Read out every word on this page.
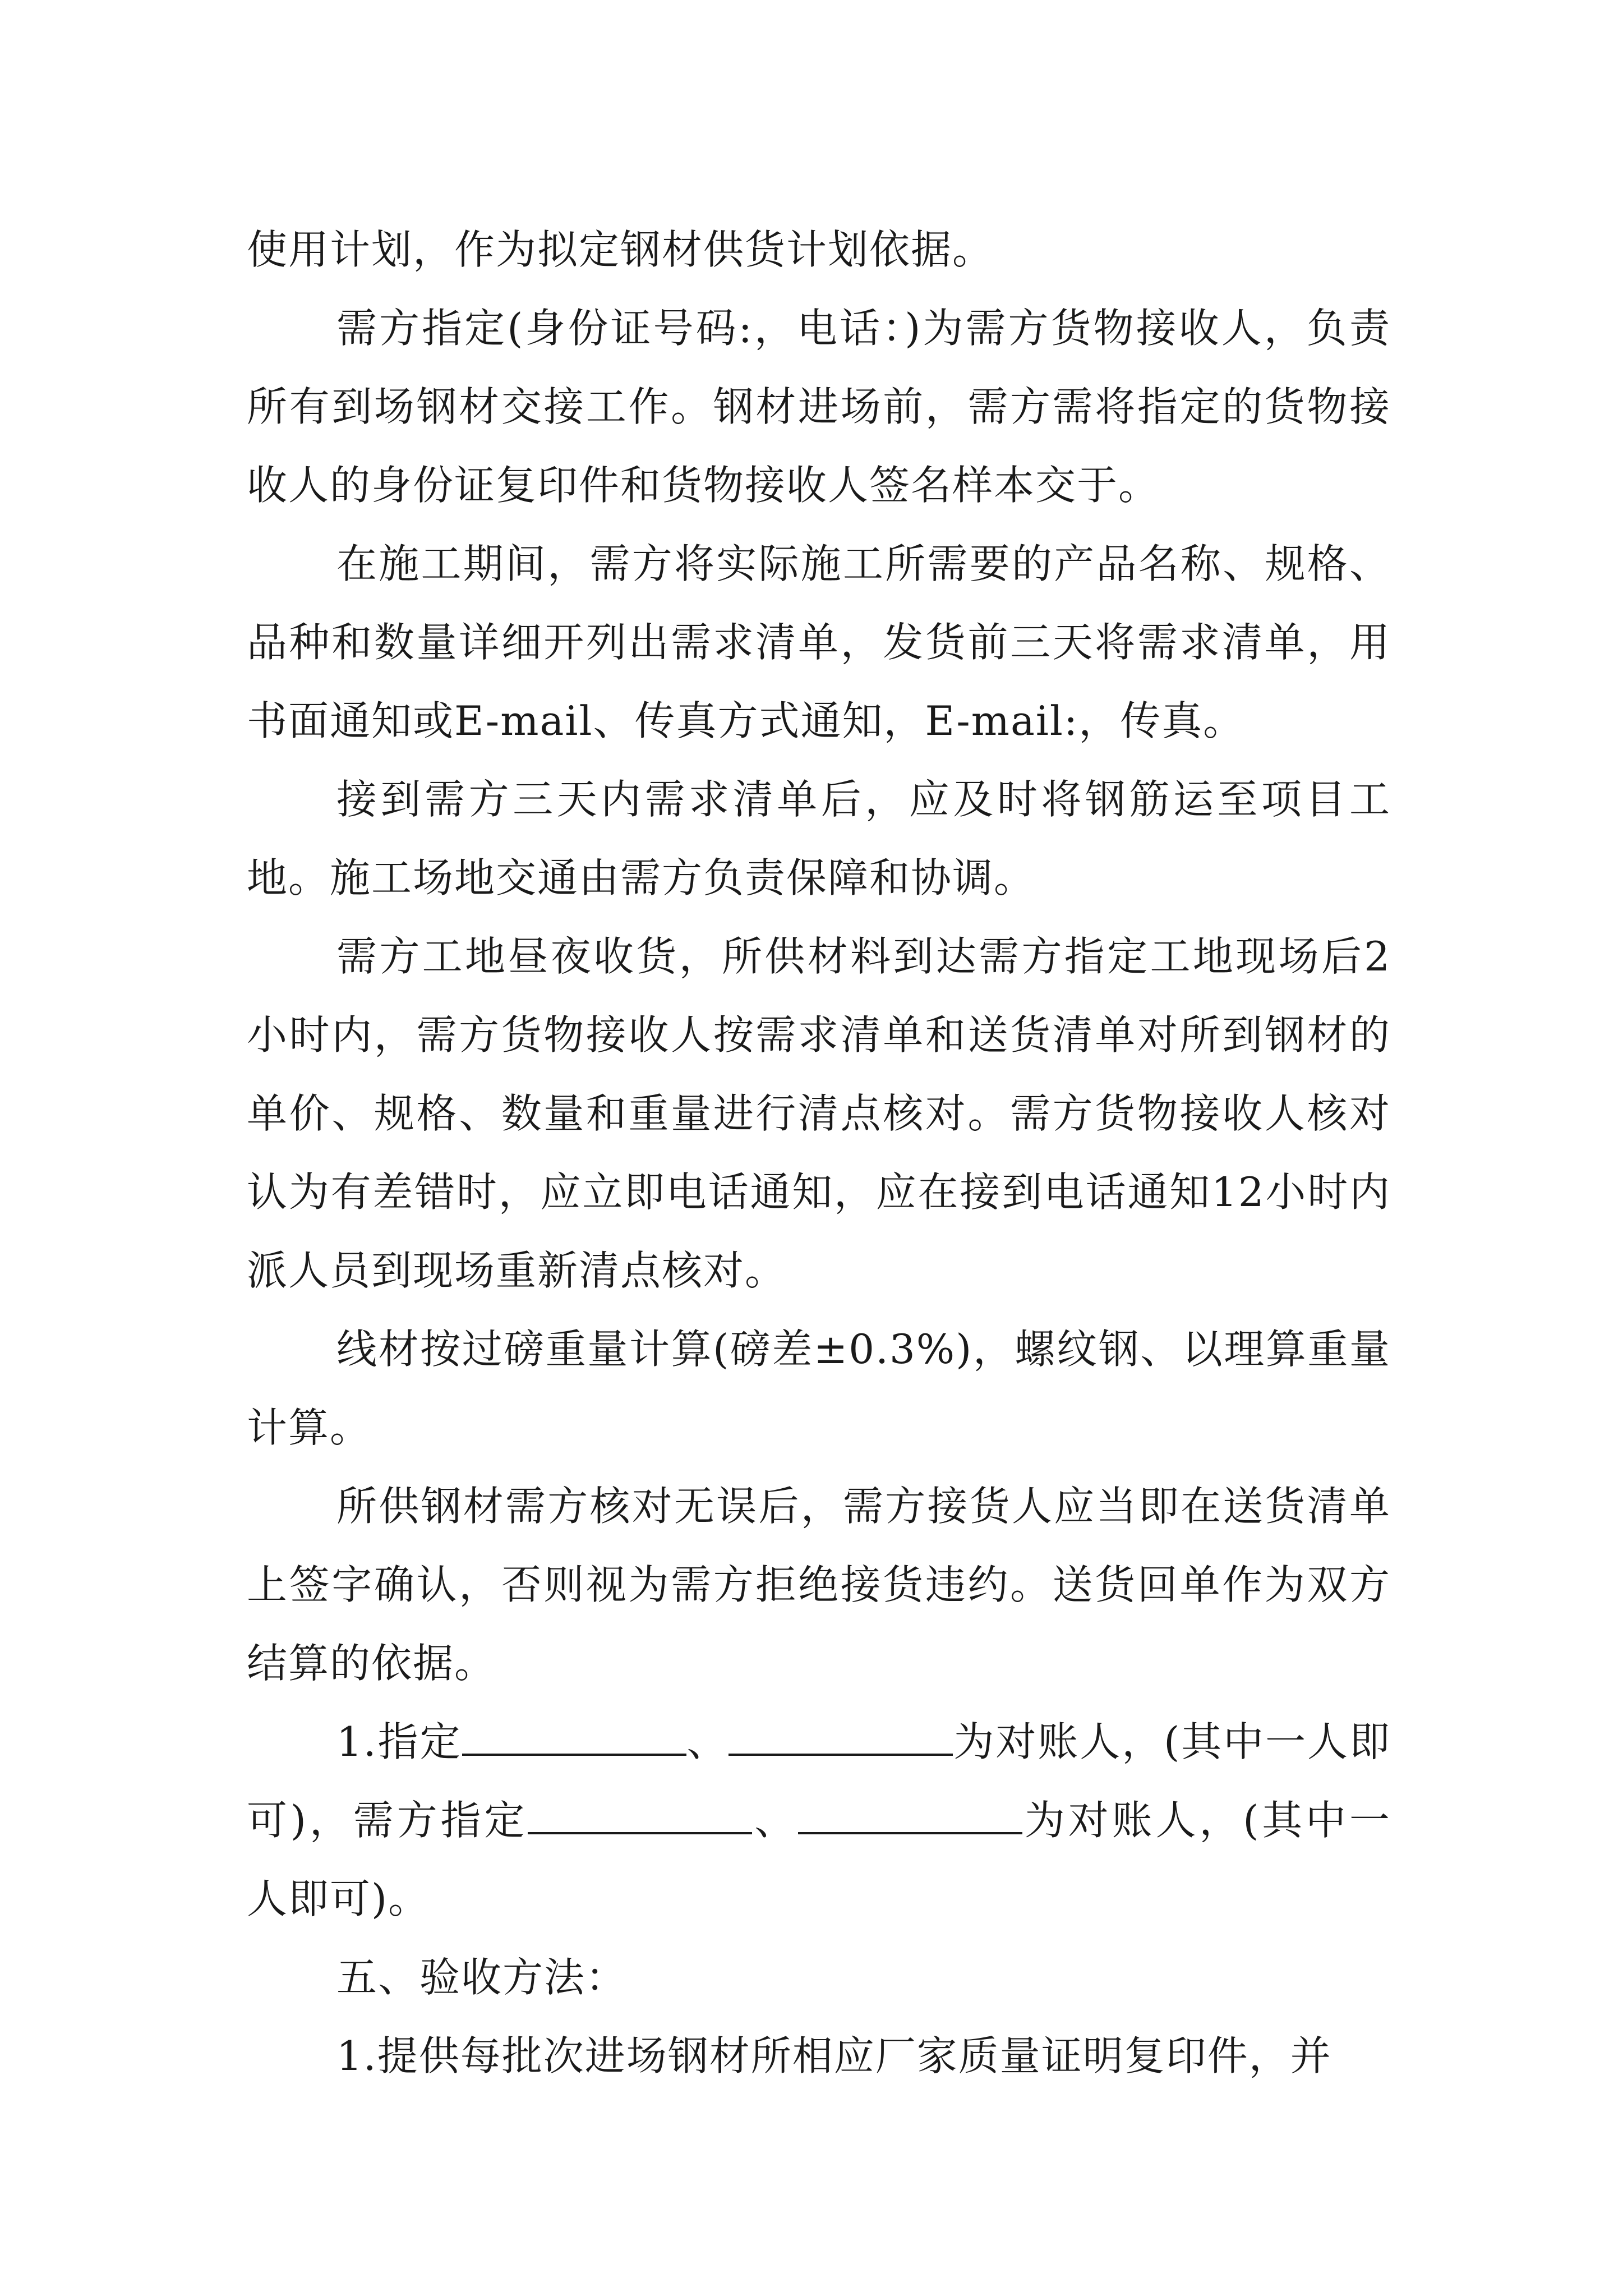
使用计划，作为拟定钢材供货计划依据。

需方指定(身份证号码:，电话：)为需方货物接收人，负责所有到场钢材交接工作。钢材进场前，需方需将指定的货物接收人的身份证复印件和货物接收人签名样本交于。

在施工期间，需方将实际施工所需要的产品名称、规格、品种和数量详细开列出需求清单，发货前三天将需求清单，用书面通知或E-mail、传真方式通知，E-mail:，传真。

接到需方三天内需求清单后，应及时将钢筋运至项目工地。施工场地交通由需方负责保障和协调。

需方工地昼夜收货，所供材料到达需方指定工地现场后2小时内，需方货物接收人按需求清单和送货清单对所到钢材的单价、规格、数量和重量进行清点核对。需方货物接收人核对认为有差错时，应立即电话通知，应在接到电话通知12小时内派人员到现场重新清点核对。

线材按过磅重量计算(磅差±0.3%)，螺纹钢、以理算重量计算。

所供钢材需方核对无误后，需方接货人应当即在送货清单上签字确认，否则视为需方拒绝接货违约。送货回单作为双方结算的依据。

1.指定	、	为对账人，(其中一人即可)，需方指定	、	为对账人，(其中一人即可)。

五、验收方法：

1.提供每批次进场钢材所相应厂家质量证明复印件，并
